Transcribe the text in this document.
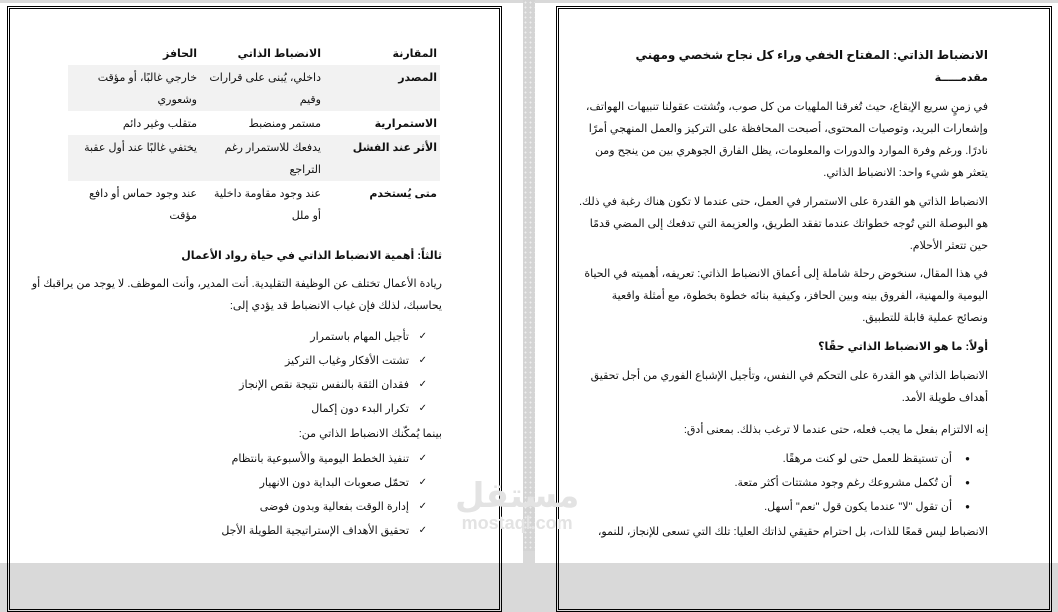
المقارنة	الانضباط الذاتي	الحافز
المصدر	داخلي، يُبنى على قرارات وقيم	خارجي غالبًا، أو مؤقت وشعوري
الاستمرارية	مستمر ومنضبط	متقلب وغير دائم
الأثر عند الفشل	يدفعك للاستمرار رغم التراجع	يختفي غالبًا عند أول عقبة
متى يُستخدم	عند وجود مقاومة داخلية أو ملل	عند وجود حماس أو دافع مؤقت
ثالثاً: أهمية الانضباط الذاتي في حياة رواد الأعمال
ريادة الأعمال تختلف عن الوظيفة التقليدية. أنت المدير، وأنت الموظف. لا يوجد من يراقبك أو
يحاسبك، لذلك فإن غياب الانضباط قد يؤدي إلى:
✓
تأجيل المهام باستمرار
✓
تشتت الأفكار وغياب التركيز
✓
فقدان الثقة بالنفس نتيجة نقص الإنجاز
✓
تكرار البدء دون إكمال
بينما يُمكّنك الانضباط الذاتي من:
✓
تنفيذ الخطط اليومية والأسبوعية بانتظام
✓
تحمّل صعوبات البداية دون الانهيار
✓
إدارة الوقت بفعالية وبدون فوضى
✓
تحقيق الأهداف الإستراتيجية الطويلة الأجل
الانضباط الذاتي: المفتاح الخفي وراء كل نجاح شخصي ومهني
مقدمـــــة
في زمنٍ سريع الإيقاع، حيث تُغرقنا الملهيات من كل صوب، وتُشتت عقولنا تنبيهات الهواتف،
وإشعارات البريد، وتوصيات المحتوى، أصبحت المحافظة على التركيز والعمل المنهجي أمرًا
نادرًا. ورغم وفرة الموارد والدورات والمعلومات، يظل الفارق الجوهري بين من ينجح ومن
يتعثر هو شيء واحد: الانضباط الذاتي.
الانضباط الذاتي هو القدرة على الاستمرار في العمل، حتى عندما لا تكون هناك رغبة في ذلك.
هو البوصلة التي تُوجه خطواتك عندما تفقد الطريق، والعزيمة التي تدفعك إلى المضي قدمًا
حين تتعثر الأحلام.
في هذا المقال، سنخوض رحلة شاملة إلى أعماق الانضباط الذاتي: تعريفه، أهميته في الحياة
اليومية والمهنية، الفروق بينه وبين الحافز، وكيفية بنائه خطوة بخطوة، مع أمثلة واقعية
ونصائح عملية قابلة للتطبيق.
أولاً: ما هو الانضباط الذاتي حقًا؟
الانضباط الذاتي هو القدرة على التحكم في النفس، وتأجيل الإشباع الفوري من أجل تحقيق
أهداف طويلة الأمد.
إنه الالتزام بفعل ما يجب فعله، حتى عندما لا ترغب بذلك. بمعنى أدق:
●
أن تستيقظ للعمل حتى لو كنت مرهقًا.
●
أن تُكمل مشروعك رغم وجود مشتتات أكثر متعة.
●
أن تقول "لا" عندما يكون قول "نعم" أسهل.
الانضباط ليس قمعًا للذات، بل احترام حقيقي لذاتك العليا: تلك التي تسعى للإنجاز، للنمو،
مستقل
mostaql.com
